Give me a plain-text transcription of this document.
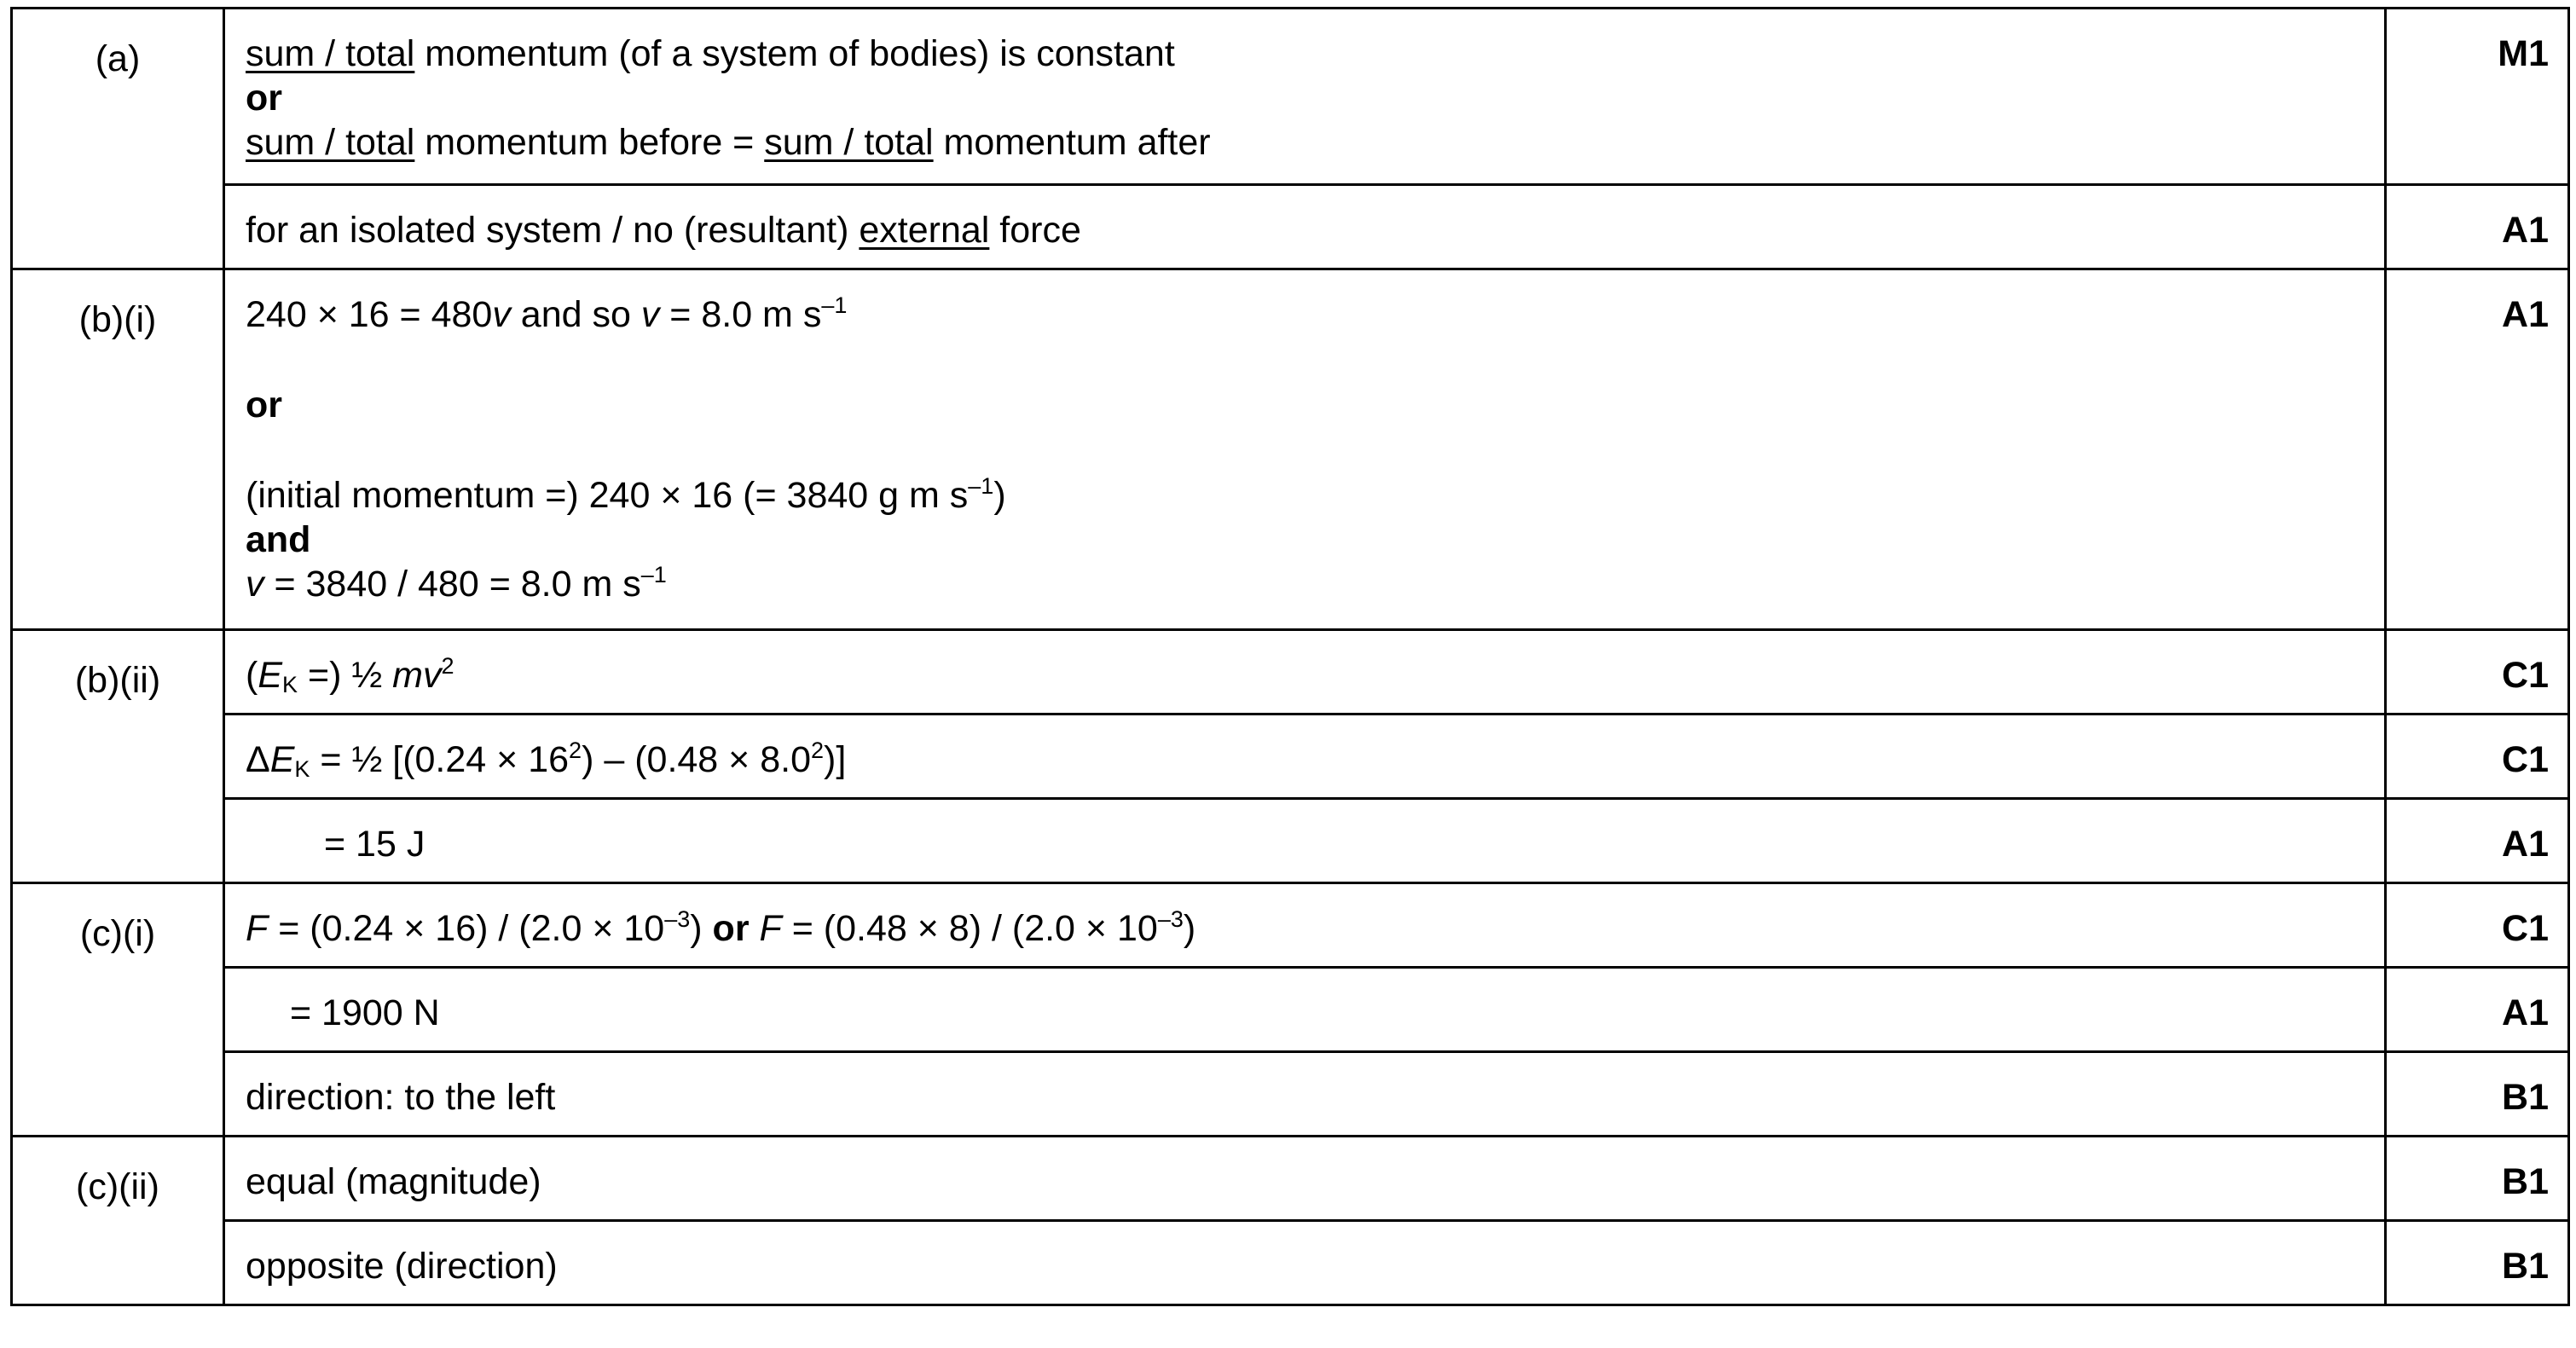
(a)	sum / total momentum (of a system of bodies) is constant
or
sum / total momentum before = sum / total momentum after	M1

	for an isolated system / no (resultant) external force	A1
(b)(i)	240 × 16 = 480v and so v = 8.0 m $s^{-1}$
or
(initial momentum =) 240 × 16 (= 3840 g m $s^{-1}$)
and
v = 3840 / 480 = 8.0 m $s^{-1}$	A1
(b)(ii)	($E_K$ =) ½ $mv^2$	C1

	$\Delta E_K$ = ½ $[(0.24 \times 16^2) - (0.48 \times 8.0^2)]$	C1

	= 15 J	A1
(c)(i)	$F = (0.24 \times 16) / (2.0 \times 10^{-3})$ or $F = (0.48 \times 8) / (2.0 \times 10^{-3})$	C1

	= 1900 N	A1

	direction: to the left	B1
(c)(ii)	equal (magnitude)	B1

	opposite (direction)	B1
